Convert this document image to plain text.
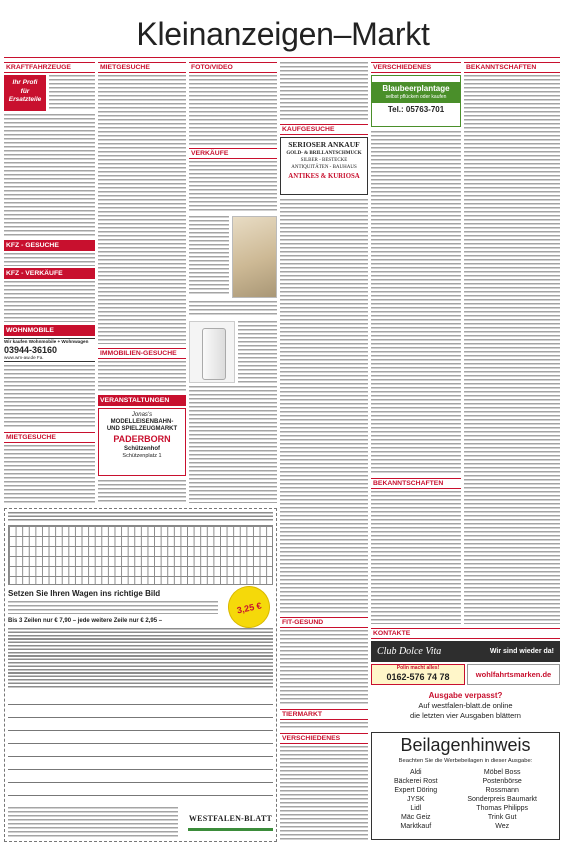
Kleinanzeigen–Markt
KRAFTFAHRZEUGE
Ihr Profi
für
Ersatzteile
KFZ - GESUCHE
KFZ - VERKÄUFE
WOHNMOBILE
Wir kaufen Wohnmobile + Wohnwagen
03944-36160
www.wm-aw.de Fa.
MIETGESUCHE
MIETGESUCHE
IMMOBILIEN-GESUCHE
VERANSTALTUNGEN
Jonas's
MODELLEISENBAHN-
UND SPIELZEUGMARKT
PADERBORN
Schützenhof
Schützenplatz 1
FOTO/VIDEO
VERKÄUFE
KAUFGESUCHE
SERIOSER ANKAUF
GOLD- & BRILLANTSCHMUCK
SILBER - BESTECKE
ANTIQUITÄTEN - BAUHAUS
ANTIKES & KURIOSA
FIT-GESUND
TIERMARKT
VERSCHIEDENES
VERSCHIEDENES
Blaubeerplantage
selbst pflücken oder kaufen
Tel.: 05763-701
BEKANNTSCHAFTEN
BEKANNTSCHAFTEN
KONTAKTE
Club Dolce Vita	Wir sind wieder da!
Polin macht alles!
0162-576 74 78	wohlfahrtsmarken.de
Ausgabe verpasst?
Auf westfalen-blatt.de online
die letzten vier Ausgaben blättern
Beilagenhinweis
Beachten Sie die Werbebeilagen in dieser Ausgabe:
Aldi
Bäckerei Rost
Expert Döring
JYSK
Lidl
Mäc Geiz
Marktkauf
Möbel Boss
Postenbörse
Rossmann
Sonderpreis Baumarkt
Thomas Philipps
Trink Gut
Wez
Setzen Sie Ihren Wagen ins richtige Bild
3,25 €
Bis 3 Zeilen nur € 7,90 – jede weitere Zeile nur € 2,95 –
WESTFALEN-BLATT
